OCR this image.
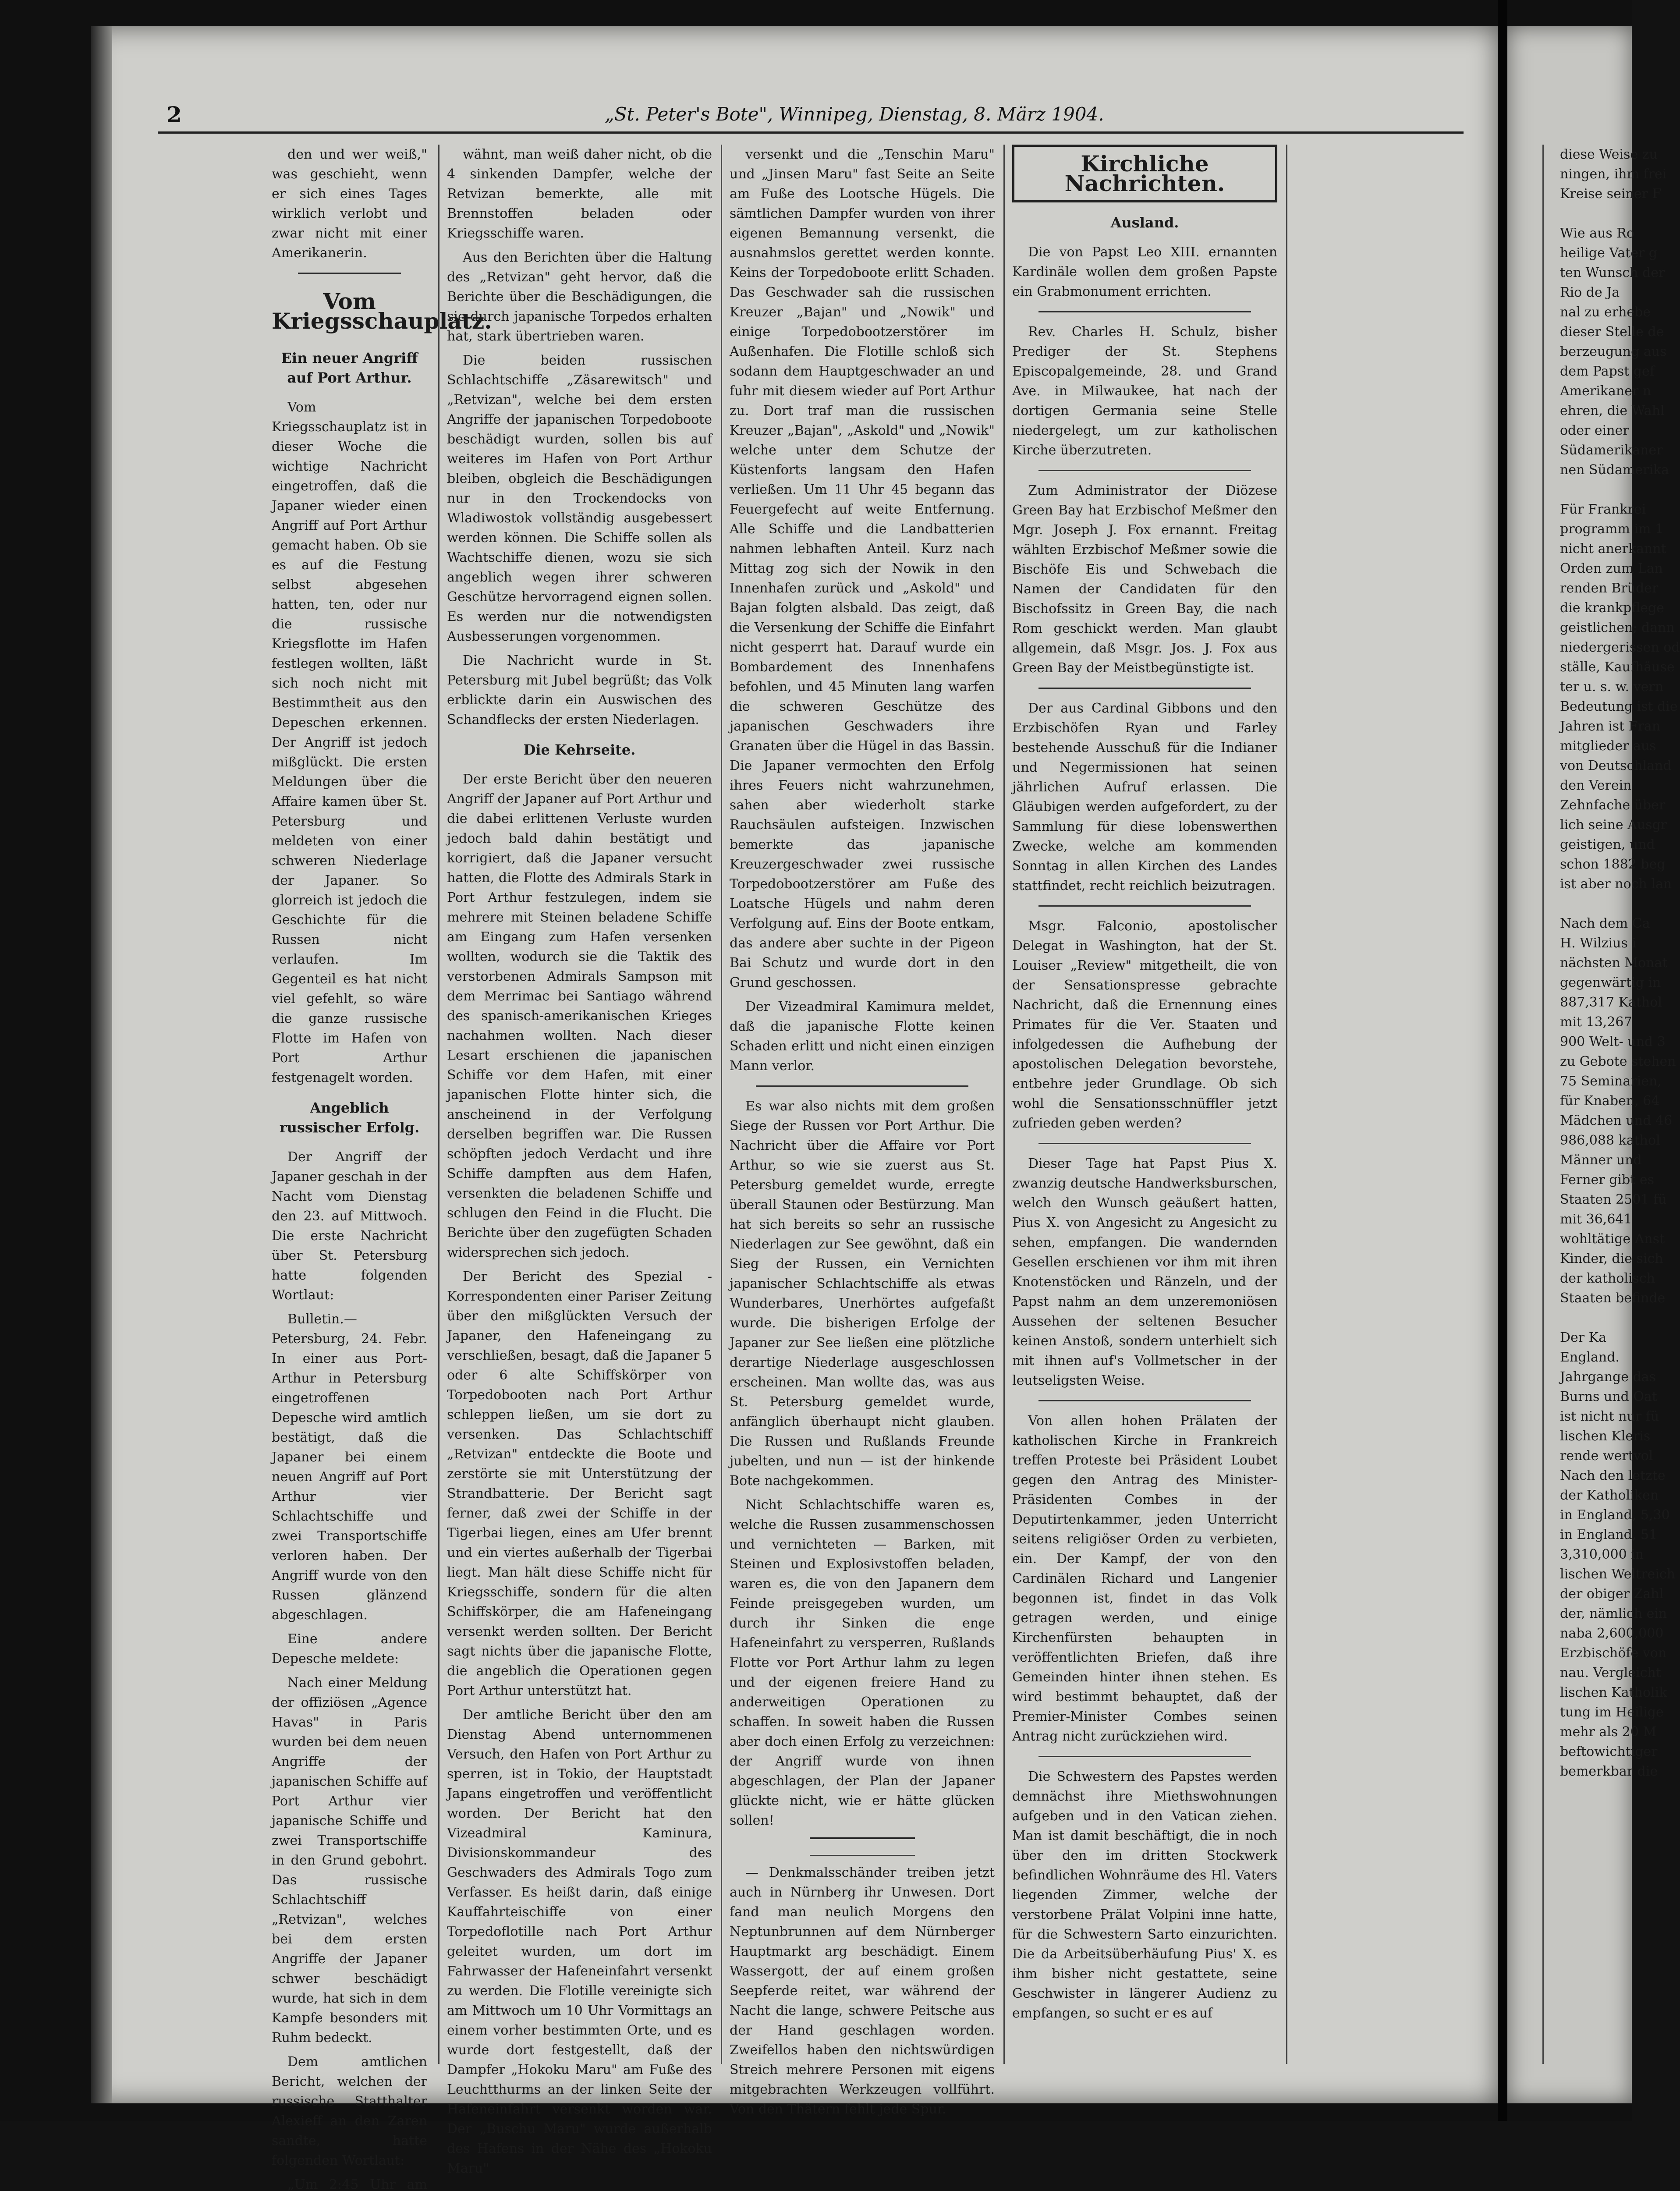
2	„St. Peter's Bote", Winnipeg, Dienstag, 8. März 1904.

den und wer weiß," was geschieht, wenn er sich eines Tages wirklich verlobt und zwar nicht mit einer Amerikanerin.

Vom Kriegsschauplatz.
Ein neuer Angriff auf Port Arthur.

Vom Kriegsschauplatz ist in dieser Woche die wichtige Nachricht eingetroffen, daß die Japaner wieder einen Angriff auf Port Arthur gemacht haben. Ob sie es auf die Festung selbst abgesehen hatten, ten, oder nur die russische Kriegsflotte im Hafen festlegen wollten, läßt sich noch nicht mit Bestimmtheit aus den Depeschen erkennen. Der Angriff ist jedoch mißglückt. Die ersten Meldungen über die Affaire kamen über St. Petersburg und meldeten von einer schweren Niederlage der Japaner. So glorreich ist jedoch die Geschichte für die Russen nicht verlaufen. Im Gegenteil es hat nicht viel gefehlt, so wäre die ganze russische Flotte im Hafen von Port Arthur festgenagelt worden.

Angeblich russischer Erfolg.

Der Angriff der Japaner geschah in der Nacht vom Dienstag den 23. auf Mittwoch. Die erste Nachricht über St. Petersburg hatte folgenden Wortlaut:

Bulletin.—Petersburg, 24. Febr. In einer aus Port-Arthur in Petersburg eingetroffenen Depesche wird amtlich bestätigt, daß die Japaner bei einem neuen Angriff auf Port Arthur vier Schlachtschiffe und zwei Transportschiffe verloren haben. Der Angriff wurde von den Russen glänzend abgeschlagen.

Eine andere Depesche meldete:

Nach einer Meldung der offiziösen „Agence Havas" in Paris wurden bei dem neuen Angriffe der japanischen Schiffe auf Port Arthur vier japanische Schiffe und zwei Transportschiffe in den Grund gebohrt. Das russische Schlachtschiff „Retvizan", welches bei dem ersten Angriffe der Japaner schwer beschädigt wurde, hat sich in dem Kampfe besonders mit Ruhm bedeckt.

Dem amtlichen Bericht, welchen der russische Statthalter Alexieff an den Zaren sandte, hatte folgenden Wortlaut:

„Um 2:45 Uhr am

wähnt, man weiß daher nicht, ob die 4 sinkenden Dampfer, welche der Retvizan bemerkte, alle mit Brennstoffen beladen oder Kriegsschiffe waren.

Aus den Berichten über die Haltung des „Retvizan" geht hervor, daß die Berichte über die Beschädigungen, die sie durch japanische Torpedos erhalten hat, stark übertrieben waren.

Die beiden russischen Schlachtschiffe „Zäsarewitsch" und „Retvizan", welche bei dem ersten Angriffe der japanischen Torpedoboote beschädigt wurden, sollen bis auf weiteres im Hafen von Port Arthur bleiben, obgleich die Beschädigungen nur in den Trockendocks von Wladiwostok vollständig ausgebessert werden können. Die Schiffe sollen als Wachtschiffe dienen, wozu sie sich angeblich wegen ihrer schweren Geschütze hervorragend eignen sollen. Es werden nur die notwendigsten Ausbesserungen vorgenommen.

Die Nachricht wurde in St. Petersburg mit Jubel begrüßt; das Volk erblickte darin ein Auswischen des Schandflecks der ersten Niederlagen.

Die Kehrseite.

Der erste Bericht über den neueren Angriff der Japaner auf Port Arthur und die dabei erlittenen Verluste wurden jedoch bald dahin bestätigt und korrigiert, daß die Japaner versucht hatten, die Flotte des Admirals Stark in Port Arthur festzulegen, indem sie mehrere mit Steinen beladene Schiffe am Eingang zum Hafen versenken wollten, wodurch sie die Taktik des verstorbenen Admirals Sampson mit dem Merrimac bei Santiago während des spanisch-amerikanischen Krieges nachahmen wollten. Nach dieser Lesart erschienen die japanischen Schiffe vor dem Hafen, mit einer japanischen Flotte hinter sich, die anscheinend in der Verfolgung derselben begriffen war. Die Russen schöpften jedoch Verdacht und ihre Schiffe dampften aus dem Hafen, versenkten die beladenen Schiffe und schlugen den Feind in die Flucht. Die Berichte über den zugefügten Schaden widersprechen sich jedoch.

Der Bericht des Spezial - Korrespondenten einer Pariser Zeitung über den mißglückten Versuch der Japaner, den Hafeneingang zu verschließen, besagt, daß die Japaner 5 oder 6 alte Schiffskörper von Torpedobooten nach Port Arthur schleppen ließen, um sie dort zu versenken. Das Schlachtschiff „Retvizan" entdeckte die Boote und zerstörte sie mit Unterstützung der Strandbatterie. Der Bericht sagt ferner, daß zwei der Schiffe in der Tigerbai liegen, eines am Ufer brennt und ein viertes außerhalb der Tigerbai liegt. Man hält diese Schiffe nicht für Kriegsschiffe, sondern für die alten Schiffskörper, die am Hafeneingang versenkt werden sollten. Der Bericht sagt nichts über die japanische Flotte, die angeblich die Operationen gegen Port Arthur unterstützt hat.

Der amtliche Bericht über den am Dienstag Abend unternommenen Versuch, den Hafen von Port Arthur zu sperren, ist in Tokio, der Hauptstadt Japans eingetroffen und veröffentlicht worden. Der Bericht hat den Vizeadmiral Kaminura, Divisionskommandeur des Geschwaders des Admirals Togo zum Verfasser. Es heißt darin, daß einige Kauffahrteischiffe von einer Torpedoflotille nach Port Arthur geleitet wurden, um dort im Fahrwasser der Hafeneinfahrt versenkt zu werden. Die Flotille vereinigte sich am Mittwoch um 10 Uhr Vormittags an einem vorher bestimmten Orte, und es wurde dort festgestellt, daß der Dampfer „Hokoku Maru" am Fuße des Leuchtthurms an der linken Seite der Hafeneinfahrt versenkt worden war. Der „Buschu Maru" wurde außerhalb des Hafens in der Nähe des „Hokoku Maru"

versenkt und die „Tenschin Maru" und „Jinsen Maru" fast Seite an Seite am Fuße des Lootsche Hügels. Die sämtlichen Dampfer wurden von ihrer eigenen Bemannung versenkt, die ausnahmslos gerettet werden konnte. Keins der Torpedoboote erlitt Schaden. Das Geschwader sah die russischen Kreuzer „Bajan" und „Nowik" und einige Torpedobootzerstörer im Außenhafen. Die Flotille schloß sich sodann dem Hauptgeschwader an und fuhr mit diesem wieder auf Port Arthur zu. Dort traf man die russischen Kreuzer „Bajan", „Askold" und „Nowik" welche unter dem Schutze der Küstenforts langsam den Hafen verließen. Um 11 Uhr 45 begann das Feuergefecht auf weite Entfernung. Alle Schiffe und die Landbatterien nahmen lebhaften Anteil. Kurz nach Mittag zog sich der Nowik in den Innenhafen zurück und „Askold" und Bajan folgten alsbald. Das zeigt, daß die Versenkung der Schiffe die Einfahrt nicht gesperrt hat. Darauf wurde ein Bombardement des Innenhafens befohlen, und 45 Minuten lang warfen die schweren Geschütze des japanischen Geschwaders ihre Granaten über die Hügel in das Bassin. Die Japaner vermochten den Erfolg ihres Feuers nicht wahrzunehmen, sahen aber wiederholt starke Rauchsäulen aufsteigen. Inzwischen bemerkte das japanische Kreuzergeschwader zwei russische Torpedobootzerstörer am Fuße des Loatsche Hügels und nahm deren Verfolgung auf. Eins der Boote entkam, das andere aber suchte in der Pigeon Bai Schutz und wurde dort in den Grund geschossen.

Der Vizeadmiral Kamimura meldet, daß die japanische Flotte keinen Schaden erlitt und nicht einen einzigen Mann verlor.

Es war also nichts mit dem großen Siege der Russen vor Port Arthur. Die Nachricht über die Affaire vor Port Arthur, so wie sie zuerst aus St. Petersburg gemeldet wurde, erregte überall Staunen oder Bestürzung. Man hat sich bereits so sehr an russische Niederlagen zur See gewöhnt, daß ein Sieg der Russen, ein Vernichten japanischer Schlachtschiffe als etwas Wunderbares, Unerhörtes aufgefaßt wurde. Die bisherigen Erfolge der Japaner zur See ließen eine plötzliche derartige Niederlage ausgeschlossen erscheinen. Man wollte das, was aus St. Petersburg gemeldet wurde, anfänglich überhaupt nicht glauben. Die Russen und Rußlands Freunde jubelten, und nun — ist der hinkende Bote nachgekommen.

Nicht Schlachtschiffe waren es, welche die Russen zusammenschossen und vernichteten — Barken, mit Steinen und Explosivstoffen beladen, waren es, die von den Japanern dem Feinde preisgegeben wurden, um durch ihr Sinken die enge Hafeneinfahrt zu versperren, Rußlands Flotte vor Port Arthur lahm zu legen und der eigenen freiere Hand zu anderweitigen Operationen zu schaffen. In soweit haben die Russen aber doch einen Erfolg zu verzeichnen: der Angriff wurde von ihnen abgeschlagen, der Plan der Japaner glückte nicht, wie er hätte glücken sollen!

— Denkmalsschänder treiben jetzt auch in Nürnberg ihr Unwesen. Dort fand man neulich Morgens den Neptunbrunnen auf dem Nürnberger Hauptmarkt arg beschädigt. Einem Wassergott, der auf einem großen Seepferde reitet, war während der Nacht die lange, schwere Peitsche aus der Hand geschlagen worden. Zweifellos haben den nichtswürdigen Streich mehrere Personen mit eigens mitgebrachten Werkzeugen vollführt. Von den Thätern fehlt jede Spur.

Kirchliche Nachrichten.
Ausland.

Die von Papst Leo XIII. ernannten Kardinäle wollen dem großen Papste ein Grabmonument errichten.

Rev. Charles H. Schulz, bisher Prediger der St. Stephens Episcopalgemeinde, 28. und Grand Ave. in Milwaukee, hat nach der dortigen Germania seine Stelle niedergelegt, um zur katholischen Kirche überzutreten.

Zum Administrator der Diözese Green Bay hat Erzbischof Meßmer den Mgr. Joseph J. Fox ernannt. Freitag wählten Erzbischof Meßmer sowie die Bischöfe Eis und Schwebach die Namen der Candidaten für den Bischofssitz in Green Bay, die nach Rom geschickt werden. Man glaubt allgemein, daß Msgr. Jos. J. Fox aus Green Bay der Meistbegünstigte ist.

Der aus Cardinal Gibbons und den Erzbischöfen Ryan und Farley bestehende Ausschuß für die Indianer und Negermissionen hat seinen jährlichen Aufruf erlassen. Die Gläubigen werden aufgefordert, zu der Sammlung für diese lobenswerthen Zwecke, welche am kommenden Sonntag in allen Kirchen des Landes stattfindet, recht reichlich beizutragen.

Msgr. Falconio, apostolischer Delegat in Washington, hat der St. Louiser „Review" mitgetheilt, die von der Sensationspresse gebrachte Nachricht, daß die Ernennung eines Primates für die Ver. Staaten und infolgedessen die Aufhebung der apostolischen Delegation bevorstehe, entbehre jeder Grundlage. Ob sich wohl die Sensationsschnüffler jetzt zufrieden geben werden?

Dieser Tage hat Papst Pius X. zwanzig deutsche Handwerksburschen, welch den Wunsch geäußert hatten, Pius X. von Angesicht zu Angesicht zu sehen, empfangen. Die wandernden Gesellen erschienen vor ihm mit ihren Knotenstöcken und Ränzeln, und der Papst nahm an dem unzeremoniösen Aussehen der seltenen Besucher keinen Anstoß, sondern unterhielt sich mit ihnen auf's Vollmetscher in der leutseligsten Weise.

Von allen hohen Prälaten der katholischen Kirche in Frankreich treffen Proteste bei Präsident Loubet gegen den Antrag des Minister-Präsidenten Combes in der Deputirtenkammer, jeden Unterricht seitens religiöser Orden zu verbieten, ein. Der Kampf, der von den Cardinälen Richard und Langenier begonnen ist, findet in das Volk getragen werden, und einige Kirchenfürsten behaupten in veröffentlichten Briefen, daß ihre Gemeinden hinter ihnen stehen. Es wird bestimmt behauptet, daß der Premier-Minister Combes seinen Antrag nicht zurückziehen wird.

Die Schwestern des Papstes werden demnächst ihre Miethswohnungen aufgeben und in den Vatican ziehen. Man ist damit beschäftigt, die in noch über den im dritten Stockwerk befindlichen Wohnräume des Hl. Vaters liegenden Zimmer, welche der verstorbene Prälat Volpini inne hatte, für die Schwestern Sarto einzurichten. Die da Arbeitsüberhäufung Pius' X. es ihm bisher nicht gestattete, seine Geschwister in längerer Audienz zu empfangen, so sucht er es auf

diese Weise zu
ningen, ihm frei
Kreise seiner F

Wie aus Ro
heilige Vater g
ten Wunsch der
Rio de Ja
nal zu erhebe
dieser Stelle de
berzeugung aus
dem Papst gef
Amerikaner n
ehren, die Wahl
oder einer
Südamerikaner
nen Südamerika

Für Frankrei
programm im 1
nicht anerkannt
Orden zum Lan
renden Brüder
die krankpflege
geistlichen; dann
niedergerissen od
ställe, Kaufhäuse
ter u. s. w. vern
Bedeutung ist die
Jahren ist Fran
mitglieder aus
von Deutschland
den Verein
Zehnfache über
lich seine Ausgr
geistigen, und
schon 1882 beg
ist aber noch lan

Nach dem Ca
H. Wilzius i
nächsten Monat
gegenwärtig in
887,317 Kathol
mit 13,267
900 Welt- und 3
zu Gebote stehen
75 Seminarien,
für Knaben, 64
Mädchen und 46
986,088 kathol
Männer und
Ferner gibt es
Staaten 2501 fü
mit 36,641
wohltätige Anst
Kinder, die sich
der katholisch
Staaten befinde

Der Ka
England.
Jahrgange das
Burns und Oat
ist nicht nur fü
lischen Kleris
rende wertvol
Nach den letzte
der Katholiken
in England, 5,30
in England, 51
3,310,000 in
lischen Weltreich
der obiger Zahl
der, nämlich ein
naba 2,600,000
Erzbischöfe von
nau. Vergleicht
lischen Katholik
tung im Heilige
mehr als 20 M
beftowichtiger
bemerkbar die
